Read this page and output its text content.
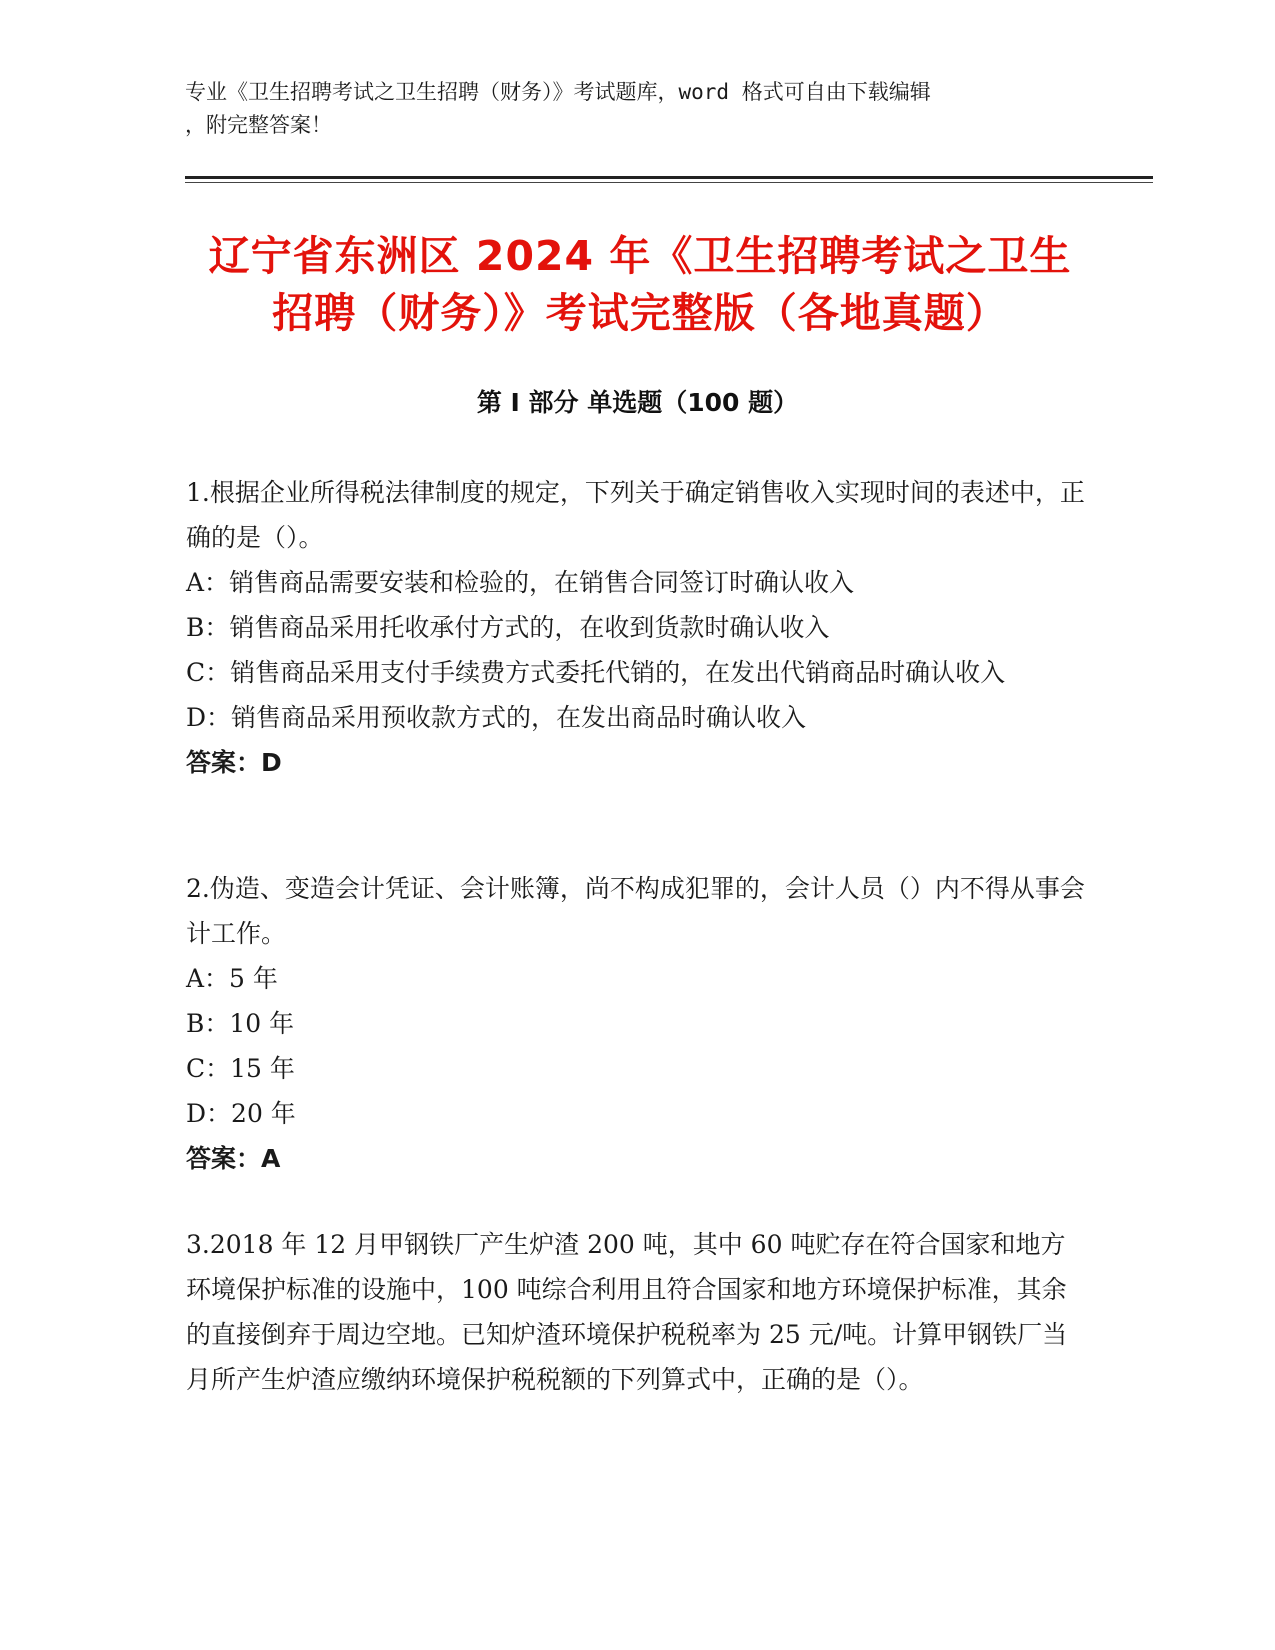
专业《卫生招聘考试之卫生招聘（财务）》考试题库，word 格式可自由下载编辑
，附完整答案！
辽宁省东洲区 2024 年《卫生招聘考试之卫生
招聘（财务）》考试完整版（各地真题）
第 I 部分 单选题（100 题）
1.根据企业所得税法律制度的规定，下列关于确定销售收入实现时间的表述中，正确的是（）。
A：销售商品需要安装和检验的，在销售合同签订时确认收入
B：销售商品采用托收承付方式的，在收到货款时确认收入
C：销售商品采用支付手续费方式委托代销的，在发出代销商品时确认收入
D：销售商品采用预收款方式的，在发出商品时确认收入
答案：D
2.伪造、变造会计凭证、会计账簿，尚不构成犯罪的，会计人员（）内不得从事会计工作。
A：5 年
B：10 年
C：15 年
D：20 年
答案：A
3.2018 年 12 月甲钢铁厂产生炉渣 200 吨，其中 60 吨贮存在符合国家和地方环境保护标准的设施中，100 吨综合利用且符合国家和地方环境保护标准，其余的直接倒弃于周边空地。已知炉渣环境保护税税率为 25 元/吨。计算甲钢铁厂当月所产生炉渣应缴纳环境保护税税额的下列算式中，正确的是（）。
